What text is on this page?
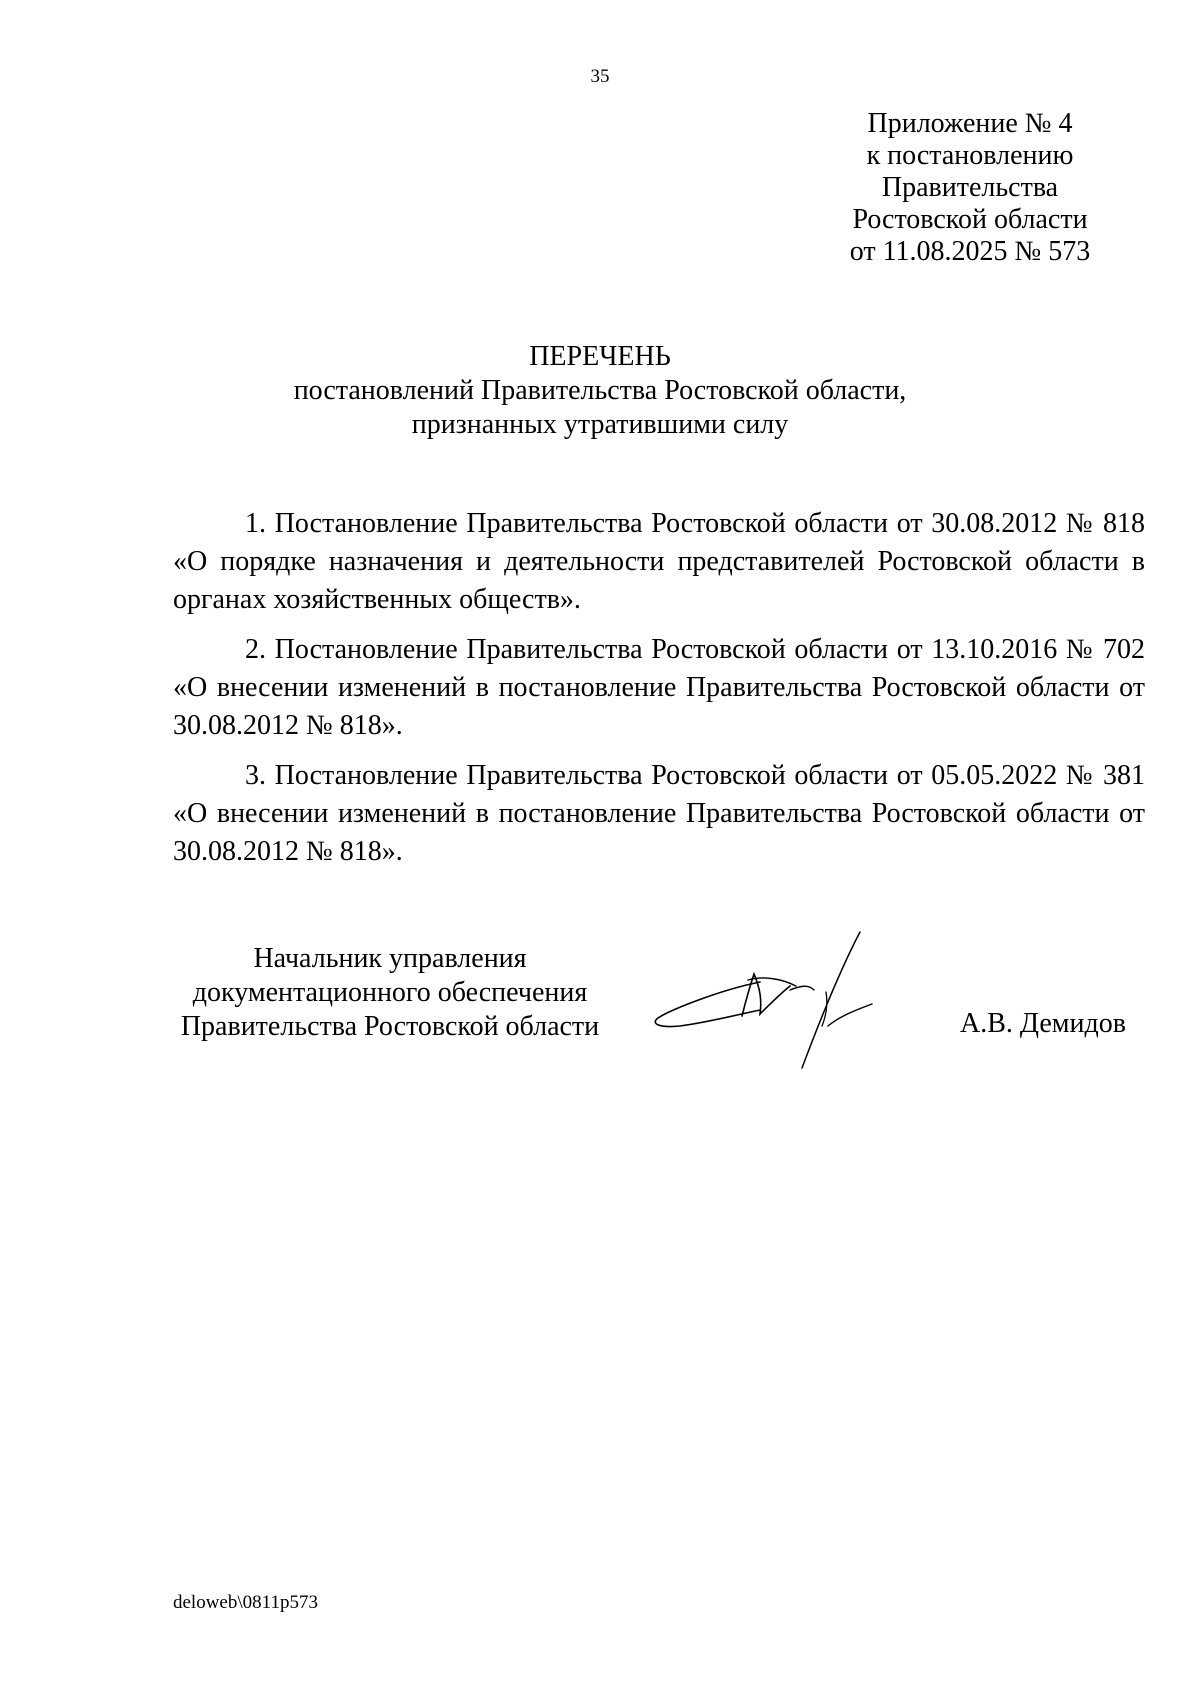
35
Приложение № 4
к постановлению
Правительства
Ростовской области
от 11.08.2025 № 573
ПЕРЕЧЕНЬ
постановлений Правительства Ростовской области,
признанных утратившими силу

1. Постановление Правительства Ростовской области от 30.08.2012 № 818 «О порядке назначения и деятельности представителей Ростовской области в органах хозяйственных обществ».

2. Постановление Правительства Ростовской области от 13.10.2016 № 702 «О внесении изменений в постановление Правительства Ростовской области от 30.08.2012 № 818».

3. Постановление Правительства Ростовской области от 05.05.2022 № 381 «О внесении изменений в постановление Правительства Ростовской области от 30.08.2012 № 818».

Начальник управления
документационного обеспечения
Правительства Ростовской области	А.В. Демидов
deloweb\0811p573
